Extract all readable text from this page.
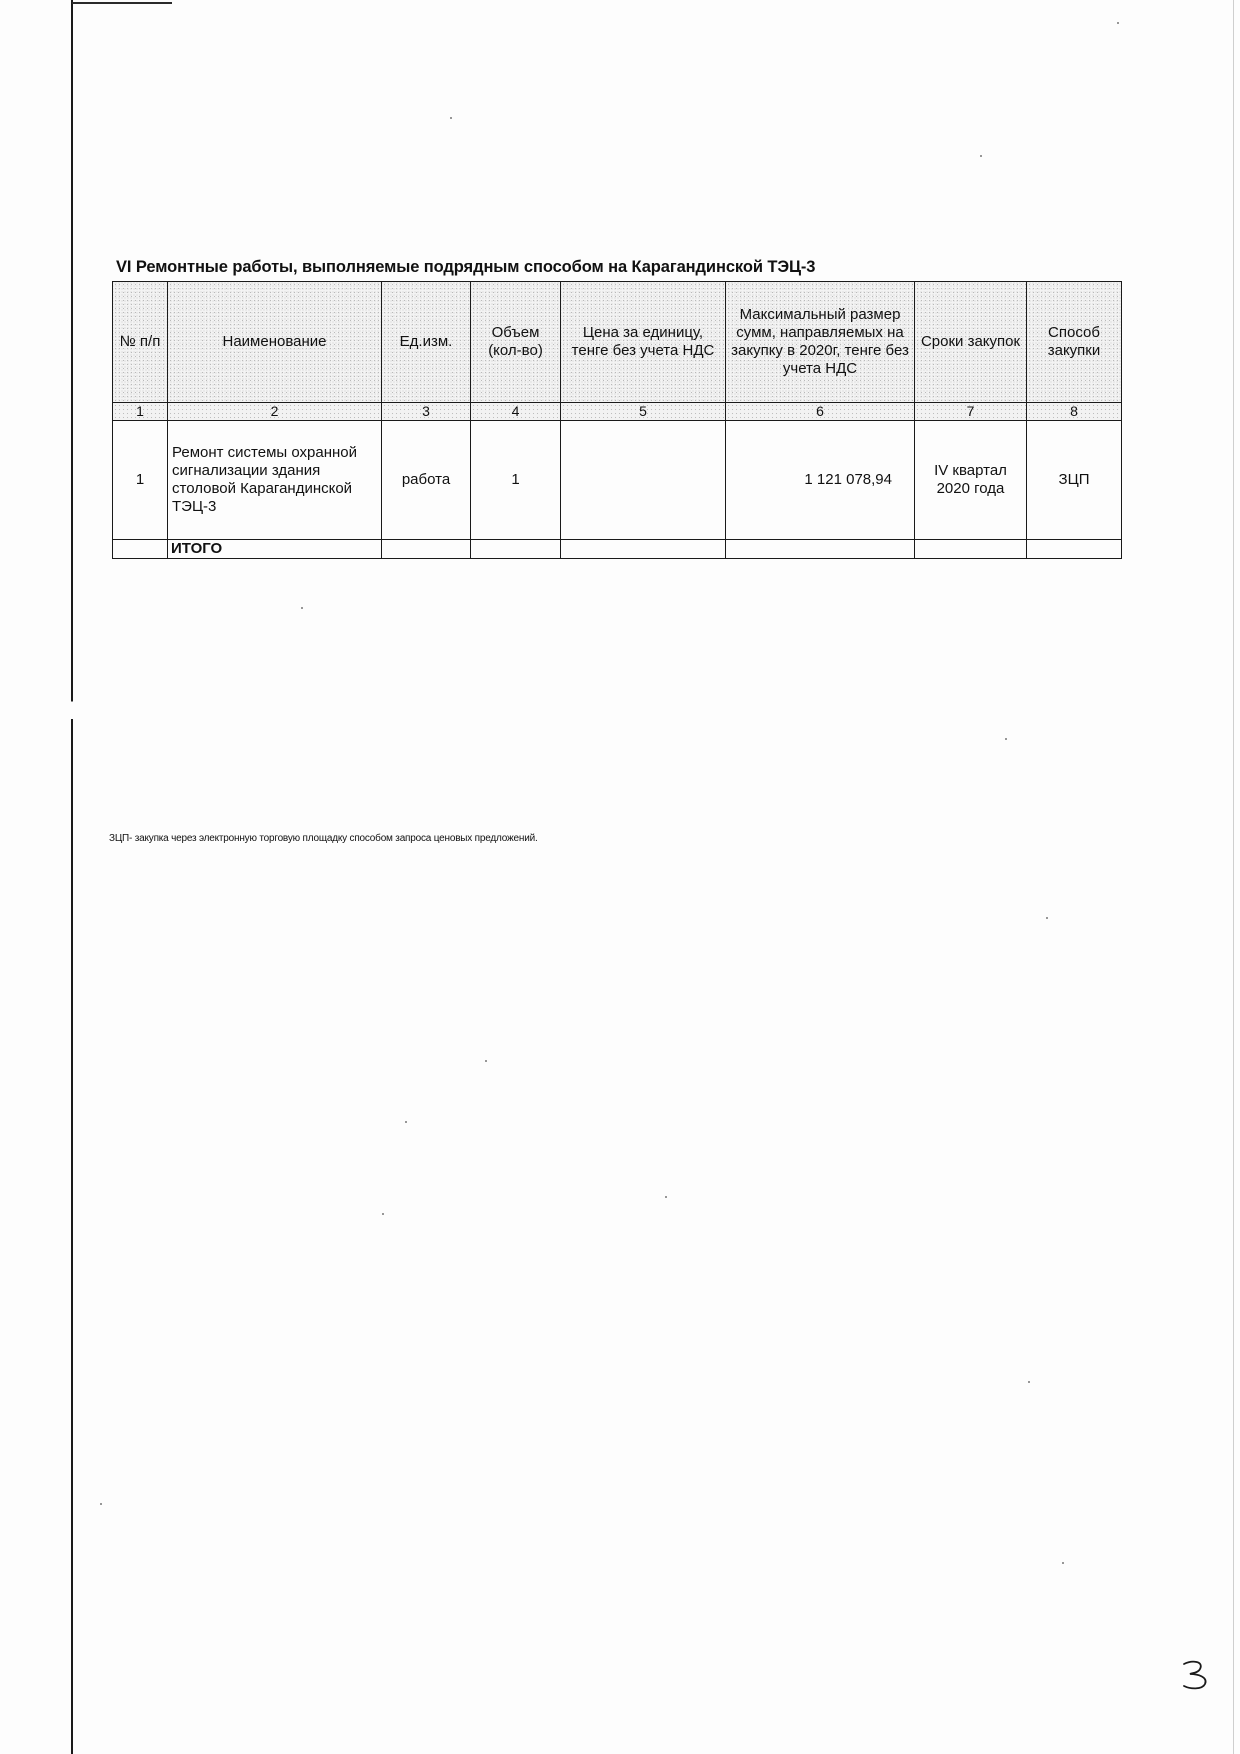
VI Ремонтные работы, выполняемые подрядным способом на Карагандинской ТЭЦ-3
№ п/п	Наименование	Ед.изм.	Объем (кол-во)	Цена за единицу, тенге без учета НДС	Максимальный размер сумм, направляемых на закупку в 2020г, тенге без учета НДС	Сроки закупок	Способ закупки
1	2	3	4	5	6	7	8
1	Ремонт системы охранной сигнализации здания столовой Карагандинской ТЭЦ-3	работа	1		1 121 078,94	IV квартал 2020 года	ЗЦП
	ИТОГО						
ЗЦП- закупка через электронную торговую площадку способом запроса ценовых предложений.
